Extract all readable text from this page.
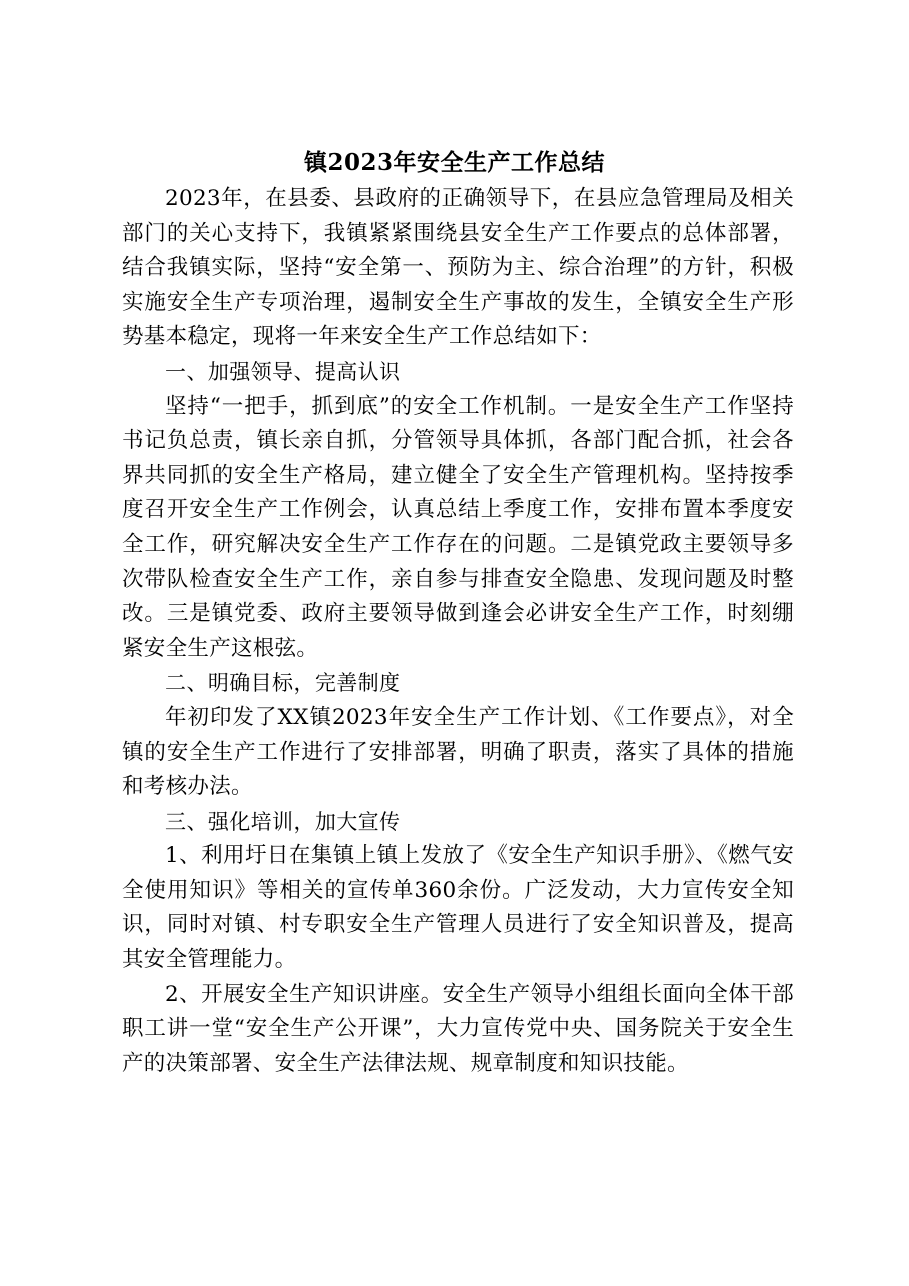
镇2023年安全生产工作总结

2023年，在县委、县政府的正确领导下，在县应急管理局及相关部门的关心支持下，我镇紧紧围绕县安全生产工作要点的总体部署，结合我镇实际，坚持“安全第一、预防为主、综合治理”的方针，积极实施安全生产专项治理，遏制安全生产事故的发生，全镇安全生产形势基本稳定，现将一年来安全生产工作总结如下：

一、加强领导、提高认识

坚持“一把手，抓到底”的安全工作机制。一是安全生产工作坚持书记负总责，镇长亲自抓，分管领导具体抓，各部门配合抓，社会各界共同抓的安全生产格局，建立健全了安全生产管理机构。坚持按季度召开安全生产工作例会，认真总结上季度工作，安排布置本季度安全工作，研究解决安全生产工作存在的问题。二是镇党政主要领导多次带队检查安全生产工作，亲自参与排查安全隐患、发现问题及时整改。三是镇党委、政府主要领导做到逢会必讲安全生产工作，时刻绷紧安全生产这根弦。

二、明确目标，完善制度

年初印发了XX镇2023年安全生产工作计划、《工作要点》，对全镇的安全生产工作进行了安排部署，明确了职责，落实了具体的措施和考核办法。

三、强化培训，加大宣传

1、利用圩日在集镇上镇上发放了《安全生产知识手册》、《燃气安全使用知识》等相关的宣传单360余份。广泛发动，大力宣传安全知识，同时对镇、村专职安全生产管理人员进行了安全知识普及，提高其安全管理能力。

2、开展安全生产知识讲座。安全生产领导小组组长面向全体干部职工讲一堂“安全生产公开课”，大力宣传党中央、国务院关于安全生产的决策部署、安全生产法律法规、规章制度和知识技能。
